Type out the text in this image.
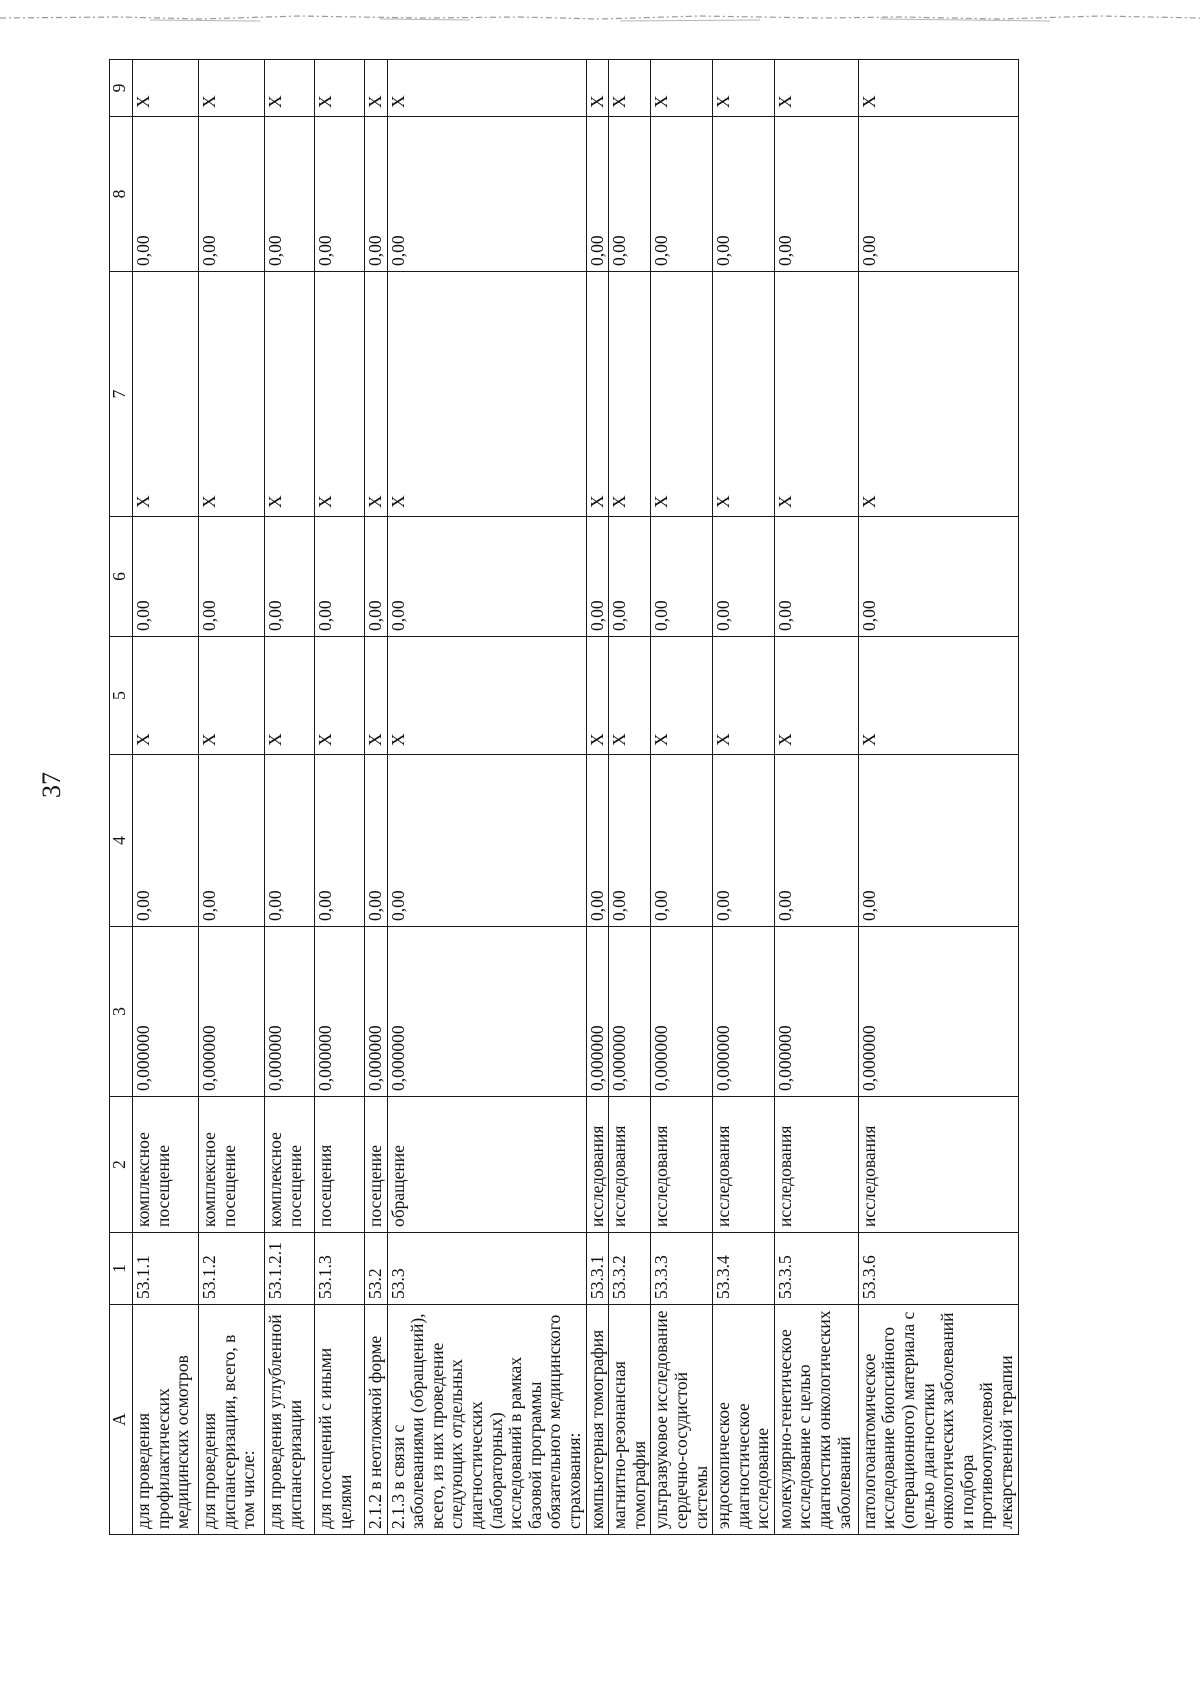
37
A	1	2	3	4	5	6	7	8	9
для проведения профилактических медицинских осмотров	53.1.1	комплексное посещение	0,000000	0,00	X	0,00	X	0,00	X
для проведения диспансеризации, всего, в том числе:	53.1.2	комплексное посещение	0,000000	0,00	X	0,00	X	0,00	X
для проведения углубленной диспансеризации	53.1.2.1	комплексное посещение	0,000000	0,00	X	0,00	X	0,00	X
для посещений с иными целями	53.1.3	посещения	0,000000	0,00	X	0,00	X	0,00	X
2.1.2 в неотложной форме	53.2	посещение	0,000000	0,00	X	0,00	X	0,00	X
2.1.3 в связи с заболеваниями (обращений), всего, из них проведение следующих отдельных диагностических (лабораторных) исследований в рамках базовой программы обязательного медицинского страхования:	53.3	обращение	0,000000	0,00	X	0,00	X	0,00	X
компьютерная томография	53.3.1	исследования	0,000000	0,00	X	0,00	X	0,00	X
магнитно-резонансная томография	53.3.2	исследования	0,000000	0,00	X	0,00	X	0,00	X
ультразвуковое исследование сердечно-сосудистой системы	53.3.3	исследования	0,000000	0,00	X	0,00	X	0,00	X
эндоскопическое диагностическое исследование	53.3.4	исследования	0,000000	0,00	X	0,00	X	0,00	X
молекулярно-генетическое исследование с целью диагностики онкологических заболеваний	53.3.5	исследования	0,000000	0,00	X	0,00	X	0,00	X
патологоанатомическое исследование биопсийного (операционного) материала с целью диагностики онкологических заболеваний и подбора противоопухолевой лекарственной терапии	53.3.6	исследования	0,000000	0,00	X	0,00	X	0,00	X
